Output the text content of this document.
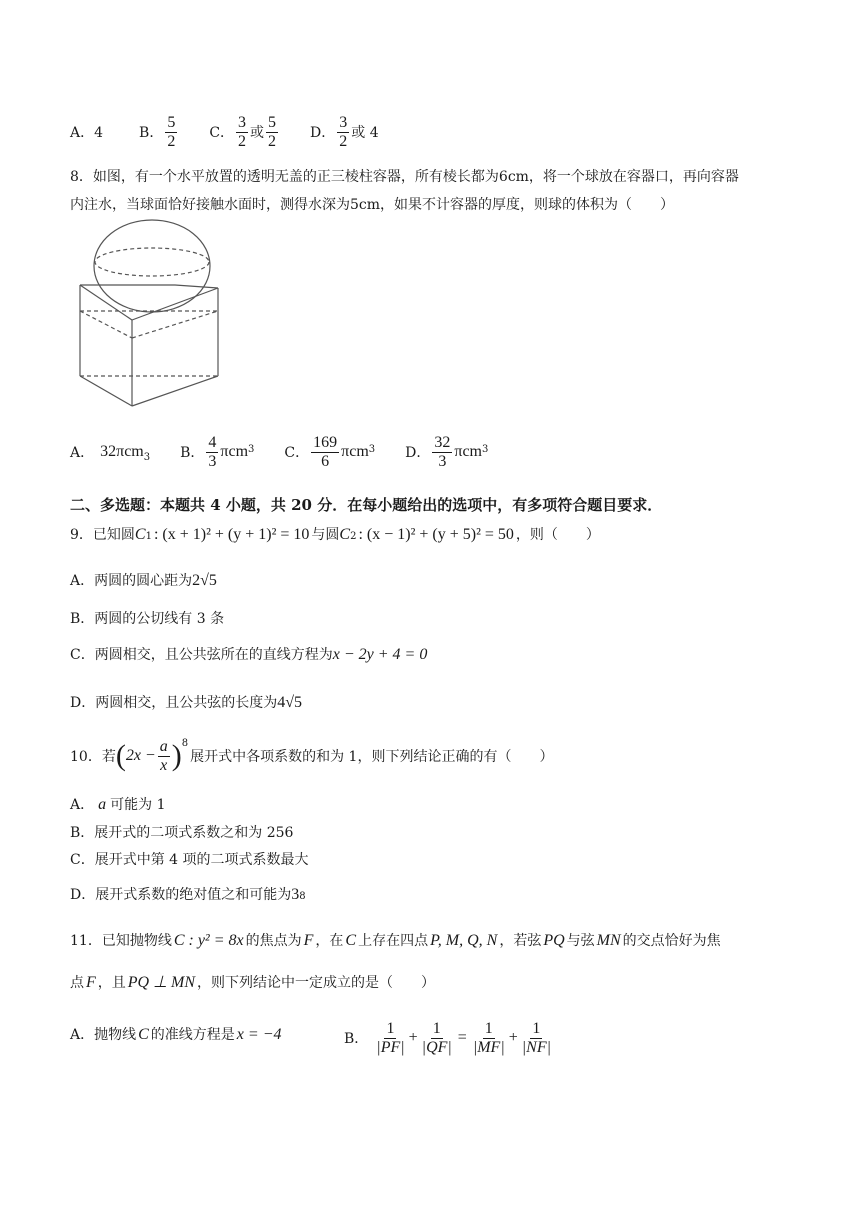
A．4	B． $\frac{5}{2}$ C． $\frac{3}{2}$ 或 $\frac{5}{2}$ D． $\frac{3}{2}$ 或 4
8．如图，有一个水平放置的透明无盖的正三棱柱容器，所有棱长都为6cm，将一个球放在容器口，再向容器
内注水，当球面恰好接触水面时，测得水深为5cm，如果不计容器的厚度，则球的体积为（　　）
A． 32πcm$_3$ B． $\frac{4}{3} \pi cm^3$ C． $\frac{169}{6} \pi cm^3$ D． $\frac{32}{3} \pi cm^3$
二、多选题：本题共 4 小题，共 20 分．在每小题给出的选项中，有多项符合题目要求．
9．已知圆 C 1 : (x + 1)² + (y + 1)² = 10 与圆 C 2 : (x − 1)² + (y + 5)² = 50 ，则（　　）
A．两圆的圆心距为 2√5
B．两圆的公切线有 3 条
C．两圆相交，且公共弦所在的直线方程为 x − 2y + 4 = 0
D．两圆相交，且公共弦的长度为 4√5
10．若 ( $2x - \frac{a}{x} )^8$
展开式中各项系数的和为 1，则下列结论正确的有（　　）
A． a 可能为 1
B．展开式的二项式系数之和为 256
C．展开式中第 4 项的二项式系数最大
D．展开式系数的绝对值之和可能为 3 8
11．已知抛物线 C : y² = 8x 的焦点为 F ，在 C 上存在四点 P, M, Q, N ，若弦 PQ 与弦 MN 的交点恰好为焦
点 F ，且 PQ ⊥ MN ，则下列结论中一定成立的是（　　）
A．抛物线 C 的准线方程是 x = −4	B． $\frac{1}{|PF|} + \frac{1}{|QF|} = \frac{1}{|MF|} + \frac{1}{|NF|}$
